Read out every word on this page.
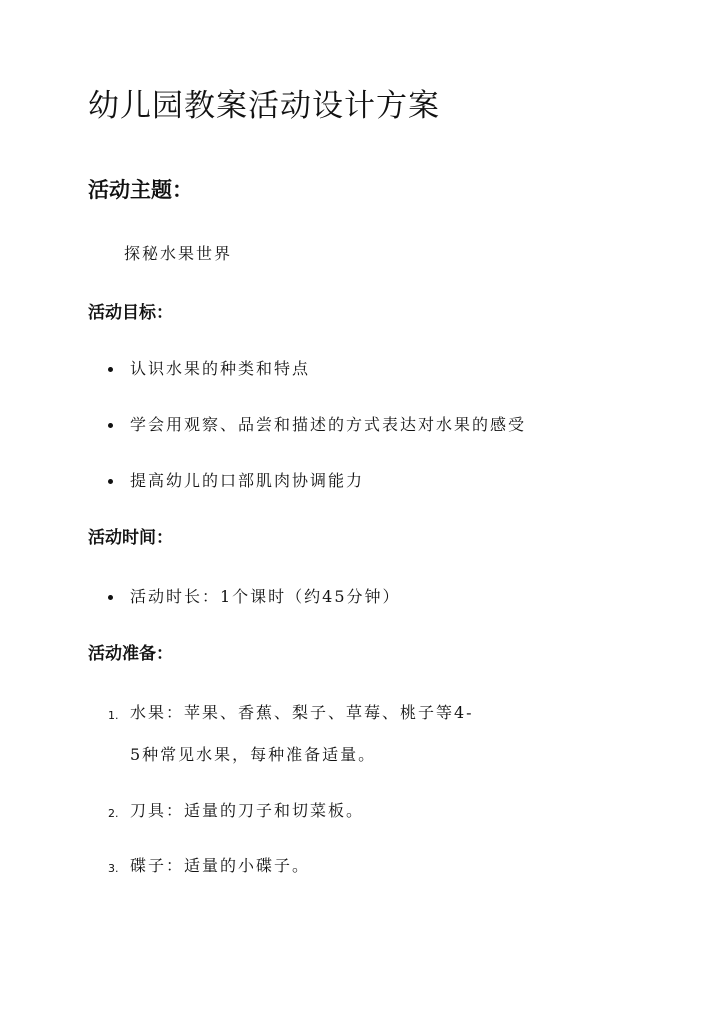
幼儿园教案活动设计方案
活动主题：
探秘水果世界
活动目标：
认识水果的种类和特点
学会用观察、品尝和描述的方式表达对水果的感受
提高幼儿的口部肌肉协调能力
活动时间：
活动时长：1个课时（约45分钟）
活动准备：
1. 水果：苹果、香蕉、梨子、草莓、桃子等4-
5种常见水果，每种准备适量。
2. 刀具：适量的刀子和切菜板。
3. 碟子：适量的小碟子。
